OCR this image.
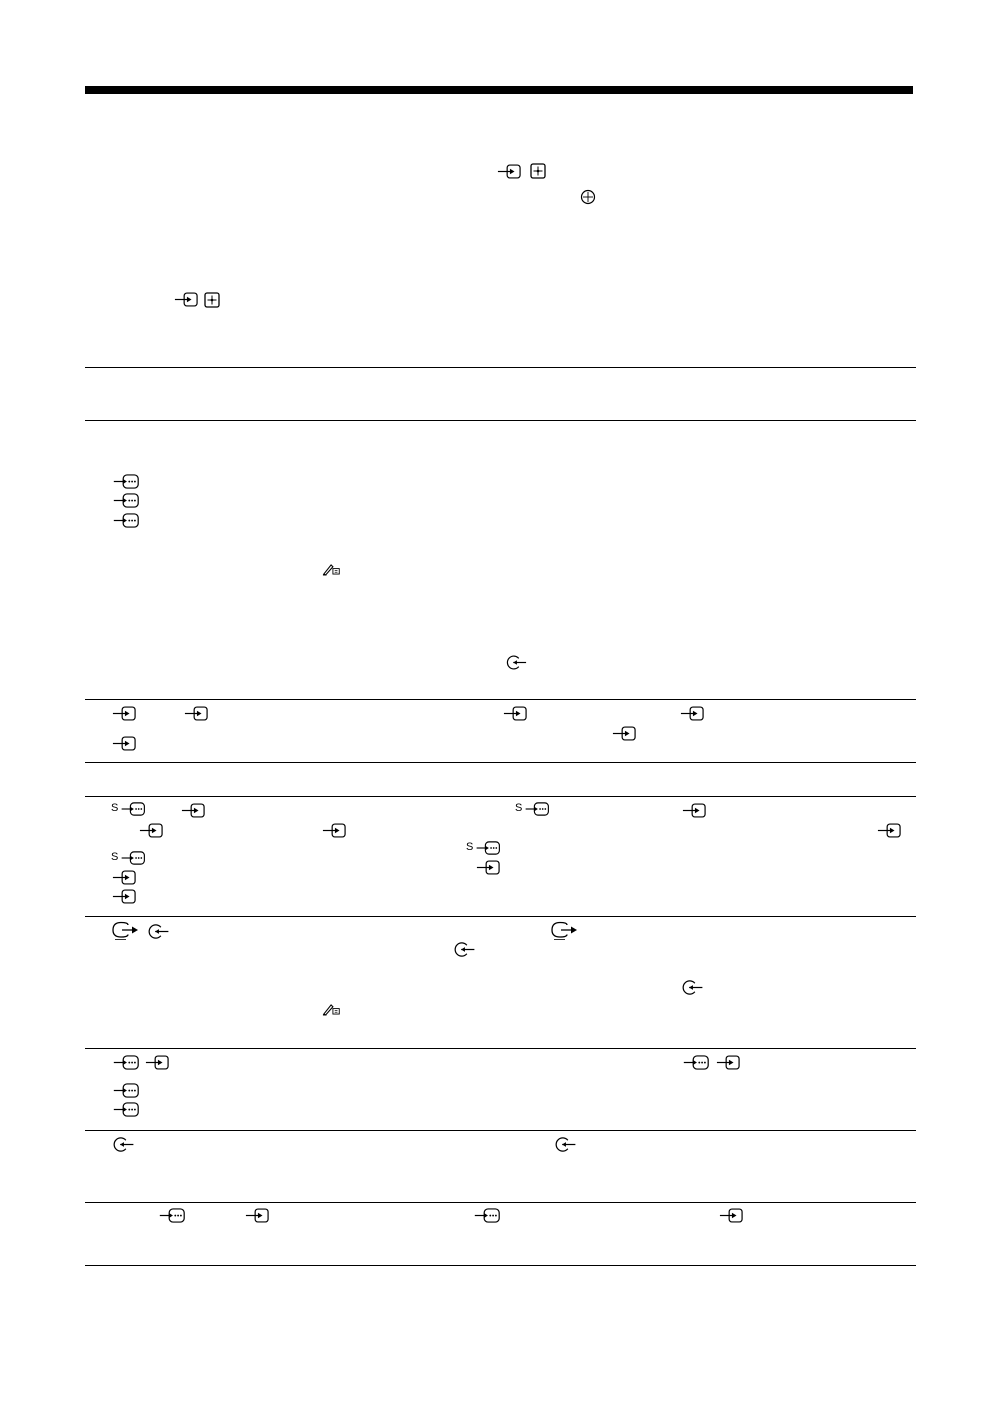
S	S
S
S
